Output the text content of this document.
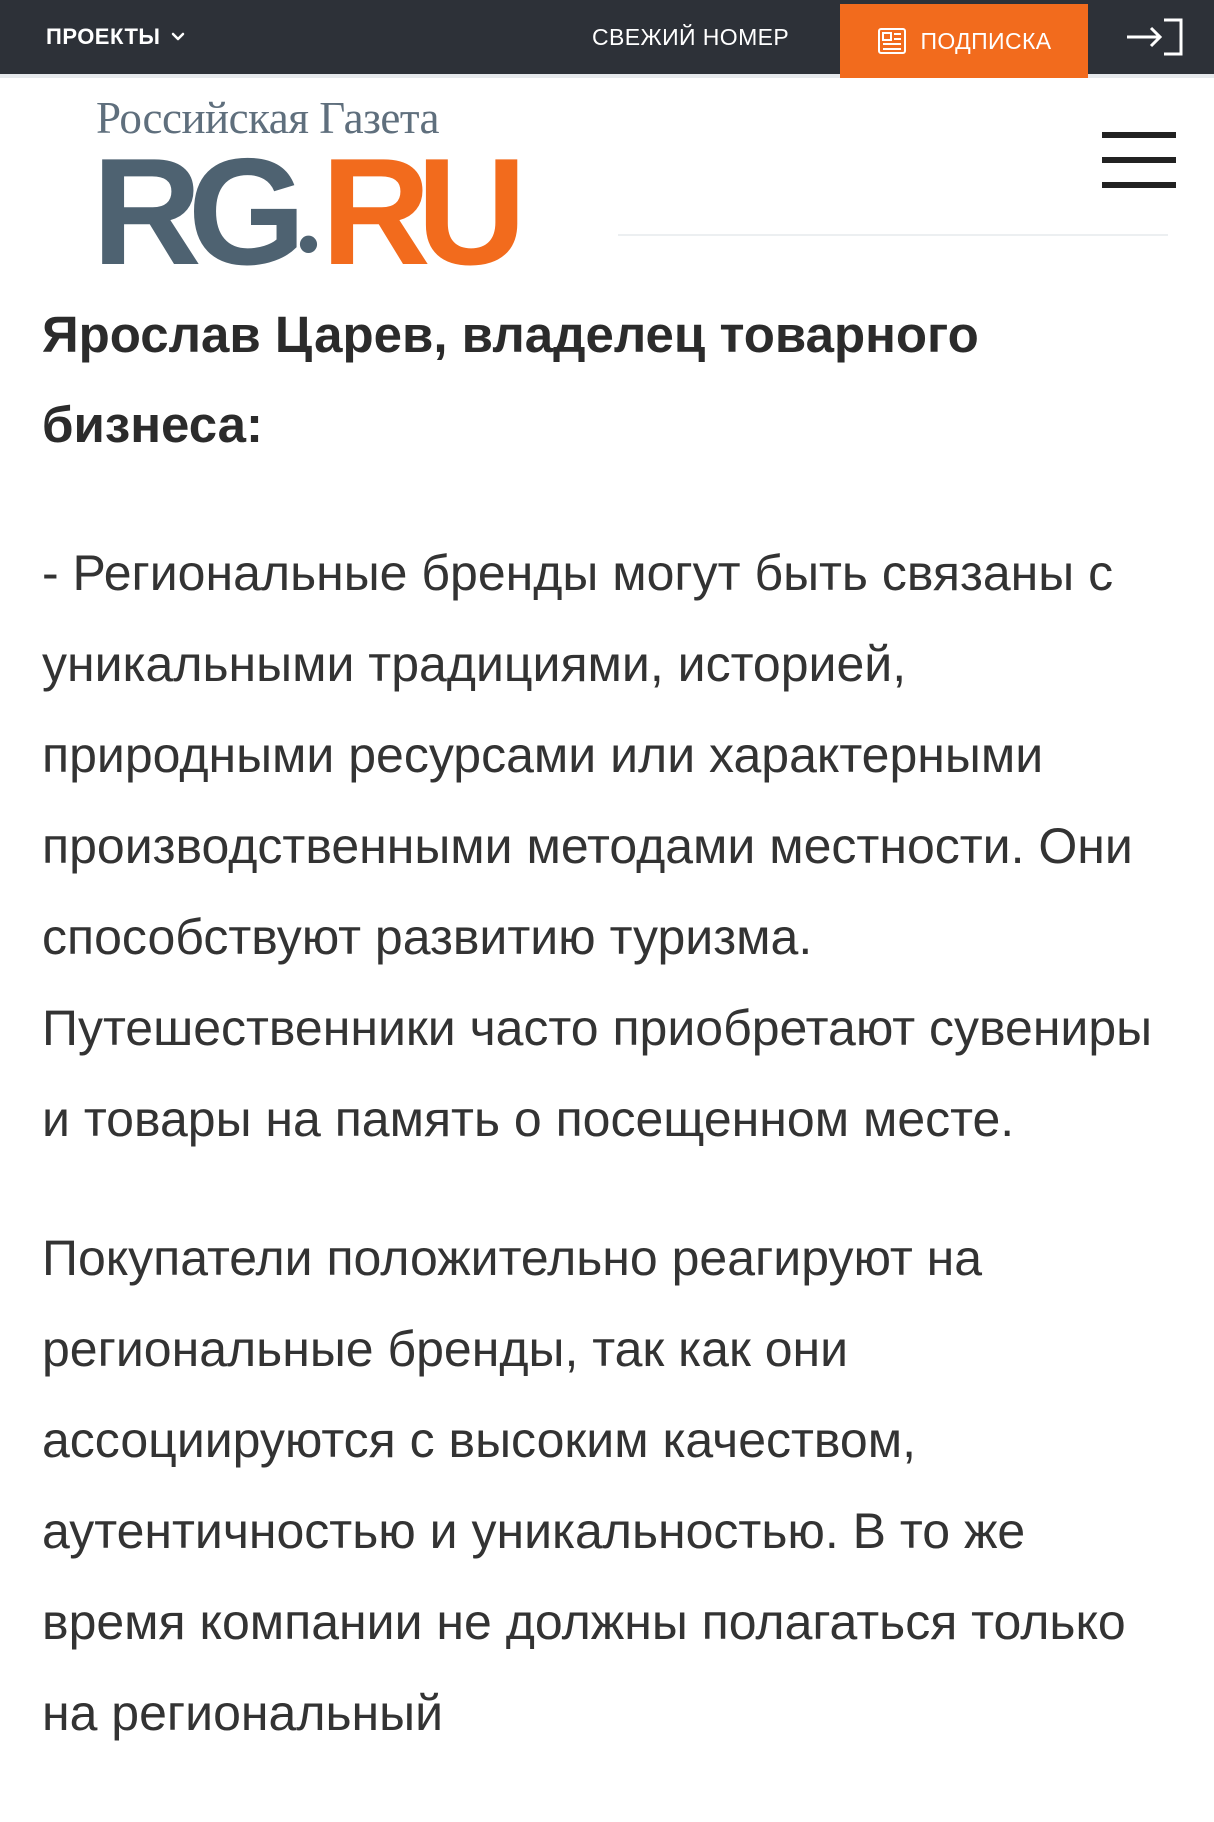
ПРОЕКТЫ	СВЕЖИЙ НОМЕР	ПОДПИСКА
Российская Газета
RG •RU
Ярослав Царев, владелец товарного бизнеса:

- Региональные бренды могут быть связаны с уникальными традициями, историей, природными ресурсами или характерными производственными методами местности. Они способствуют развитию туризма. Путешественники часто приобретают сувениры и товары на память о посещенном месте.

Покупатели положительно реагируют на региональные бренды, так как они ассоциируются с высоким качеством, аутентичностью и уникальностью. В то же время компании не должны полагаться только на региональный
